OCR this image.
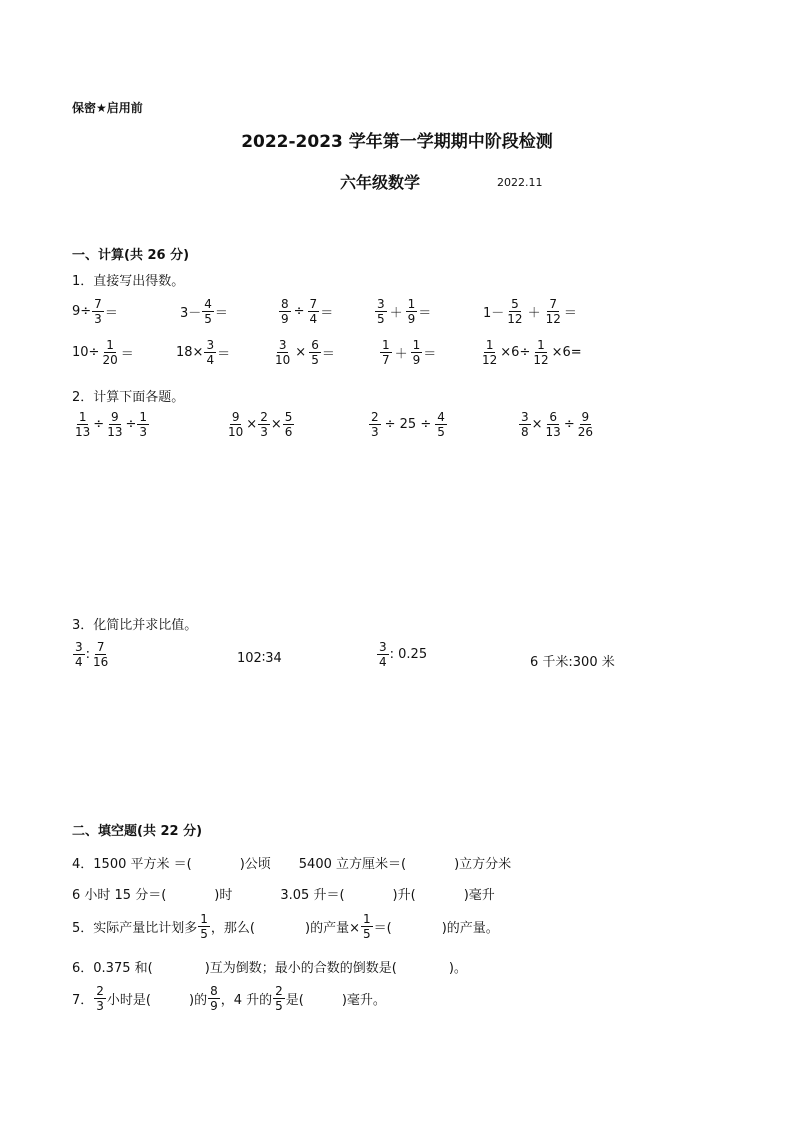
保密★启用前
2022-2023 学年第一学期期中阶段检测
六年级数学	2022.11
一、计算(共 26 分)
1．直接写出得数。
$9\div \frac{7}{3}$ ＝	$3- \frac{4}{5}$ ＝	$\frac{8}{9} \div \frac{7}{4}$ ＝	$\frac{3}{5} + \frac{1}{9}$ ＝	$1- \frac{5}{12} + \frac{7}{12}$ ＝
$10\div \frac{1}{20}$ ＝	$18\times \frac{3}{4}$ ＝	$\frac{3}{10} \times \frac{6}{5}$ ＝	$\frac{1}{7} + \frac{1}{9}$ ＝	$\frac{1}{12} \times 6\div \frac{1}{12} \times 6=$
2．计算下面各题。
$\frac{1}{13} \div \frac{9}{13} \div \frac{1}{3}$	$\frac{9}{10} \times \frac{2}{3} \times \frac{5}{6}$	$\frac{2}{3} \div 25 \div \frac{4}{5}$	$\frac{3}{8} \times \frac{6}{13} \div \frac{9}{26}$
3．化简比并求比值。
$\frac{3}{4}$ : $\frac{7}{16}$	102∶34	$\frac{3}{4}$ : 0.25
6 千米:300 米
二、填空题(共 22 分)
4．1500 平方米 ＝(	)公顷 5400 立方厘米＝(	)立方分米
6 小时 15 分＝(	)时	3.05 升＝(	)升(	)毫升
5．实际产量比计划多 $\frac{1}{5}$ ，那么(	)的产量× $\frac{1}{5}$ ＝(	)的产量。
6．0.375 和(	)互为倒数；最小的合数的倒数是(	)。
7． $\frac{2}{3}$ 小时是(	)的 $\frac{8}{9}$ ，4 升的 $\frac{2}{5}$ 是(	)毫升。
